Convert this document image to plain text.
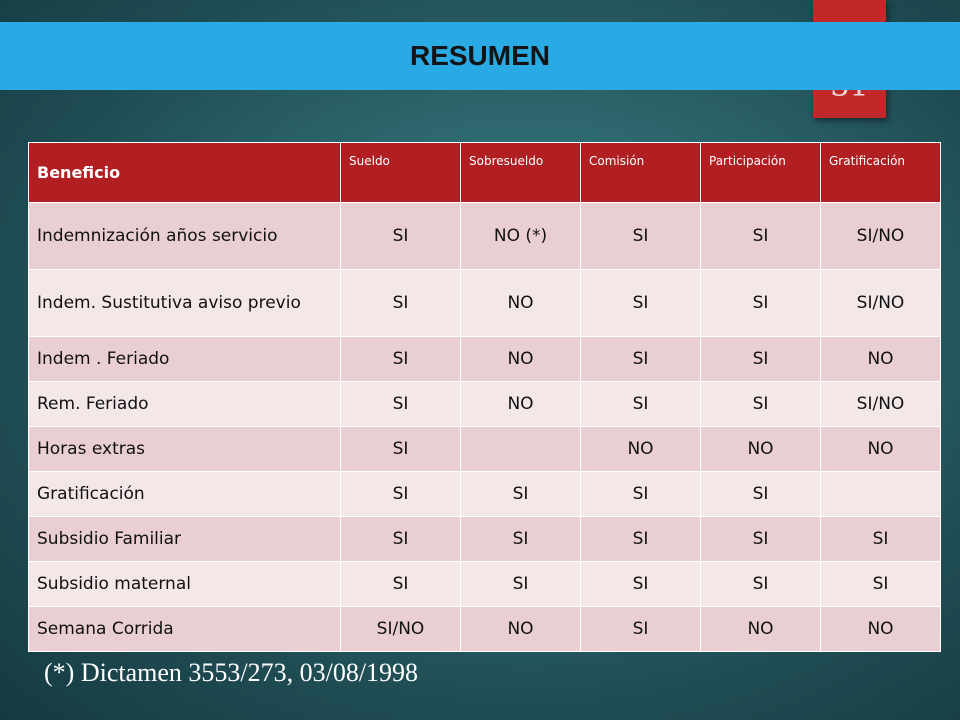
RESUMEN
Beneficio	Sueldo	Sobresueldo	Comisión	Participación	Gratificación
Indemnización años servicio	SI	NO (*)	SI	SI	SI/NO
Indem. Sustitutiva aviso previo	SI	NO	SI	SI	SI/NO
Indem . Feriado	SI	NO	SI	SI	NO
Rem. Feriado	SI	NO	SI	SI	SI/NO
Horas extras	SI		NO	NO	NO
Gratificación	SI	SI	SI	SI	
Subsidio Familiar	SI	SI	SI	SI	SI
Subsidio maternal	SI	SI	SI	SI	SI
Semana Corrida	SI/NO	NO	SI	NO	NO
(*) Dictamen 3553/273, 03/08/1998
